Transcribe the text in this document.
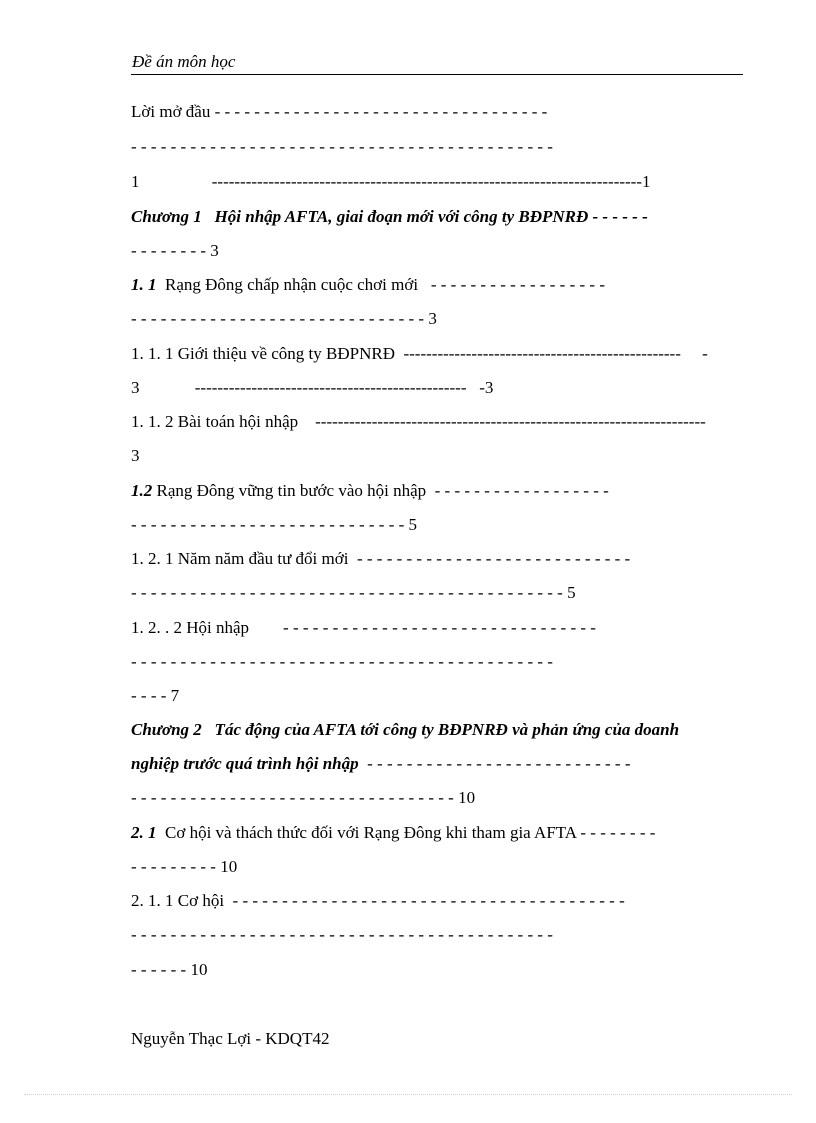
Đề án môn học
Lời mở đầu - - - - - - - - - - - - - - - - - - - - - - - - - - - - - - - - - -
- - - - - - - - - - - - - - - - - - - - - - - - - - - - - - - - - - - - - - - - - - -
1                 ----------------------------------------------------------------------------1
Chương 1   Hội nhập AFTA, giai đoạn mới với công ty BĐPNRĐ - - - - - -
- - - - - - - - 3
1. 1  Rạng Đông chấp nhận cuộc chơi mới   - - - - - - - - - - - - - - - - - -
- - - - - - - - - - - - - - - - - - - - - - - - - - - - - - 3
1. 1. 1 Giới thiệu về công ty BĐPNRĐ  -------------------------------------------------     -
3             ------------------------------------------------   -3
1. 1. 2 Bài toán hội nhập    ---------------------------------------------------------------------
3
1.2 Rạng Đông vững tin bước vào hội nhập  - - - - - - - - - - - - - - - - - -
- - - - - - - - - - - - - - - - - - - - - - - - - - - - 5
1. 2. 1 Năm năm đầu tư đổi mới  - - - - - - - - - - - - - - - - - - - - - - - - - - - -
- - - - - - - - - - - - - - - - - - - - - - - - - - - - - - - - - - - - - - - - - - - - 5
1. 2. . 2 Hội nhập        - - - - - - - - - - - - - - - - - - - - - - - - - - - - - - - -
- - - - - - - - - - - - - - - - - - - - - - - - - - - - - - - - - - - - - - - - - - -
- - - - 7
Chương 2   Tác động của AFTA tới công ty BĐPNRĐ và phản ứng của doanh
nghiệp trước quá trình hội nhập  - - - - - - - - - - - - - - - - - - - - - - - - - - -
- - - - - - - - - - - - - - - - - - - - - - - - - - - - - - - - - 10
2. 1  Cơ hội và thách thức đối với Rạng Đông khi tham gia AFTA - - - - - - - -
- - - - - - - - - 10
2. 1. 1 Cơ hội  - - - - - - - - - - - - - - - - - - - - - - - - - - - - - - - - - - - - - - - -
- - - - - - - - - - - - - - - - - - - - - - - - - - - - - - - - - - - - - - - - - - -
- - - - - - 10
Nguyễn Thạc Lợi - KDQT42
